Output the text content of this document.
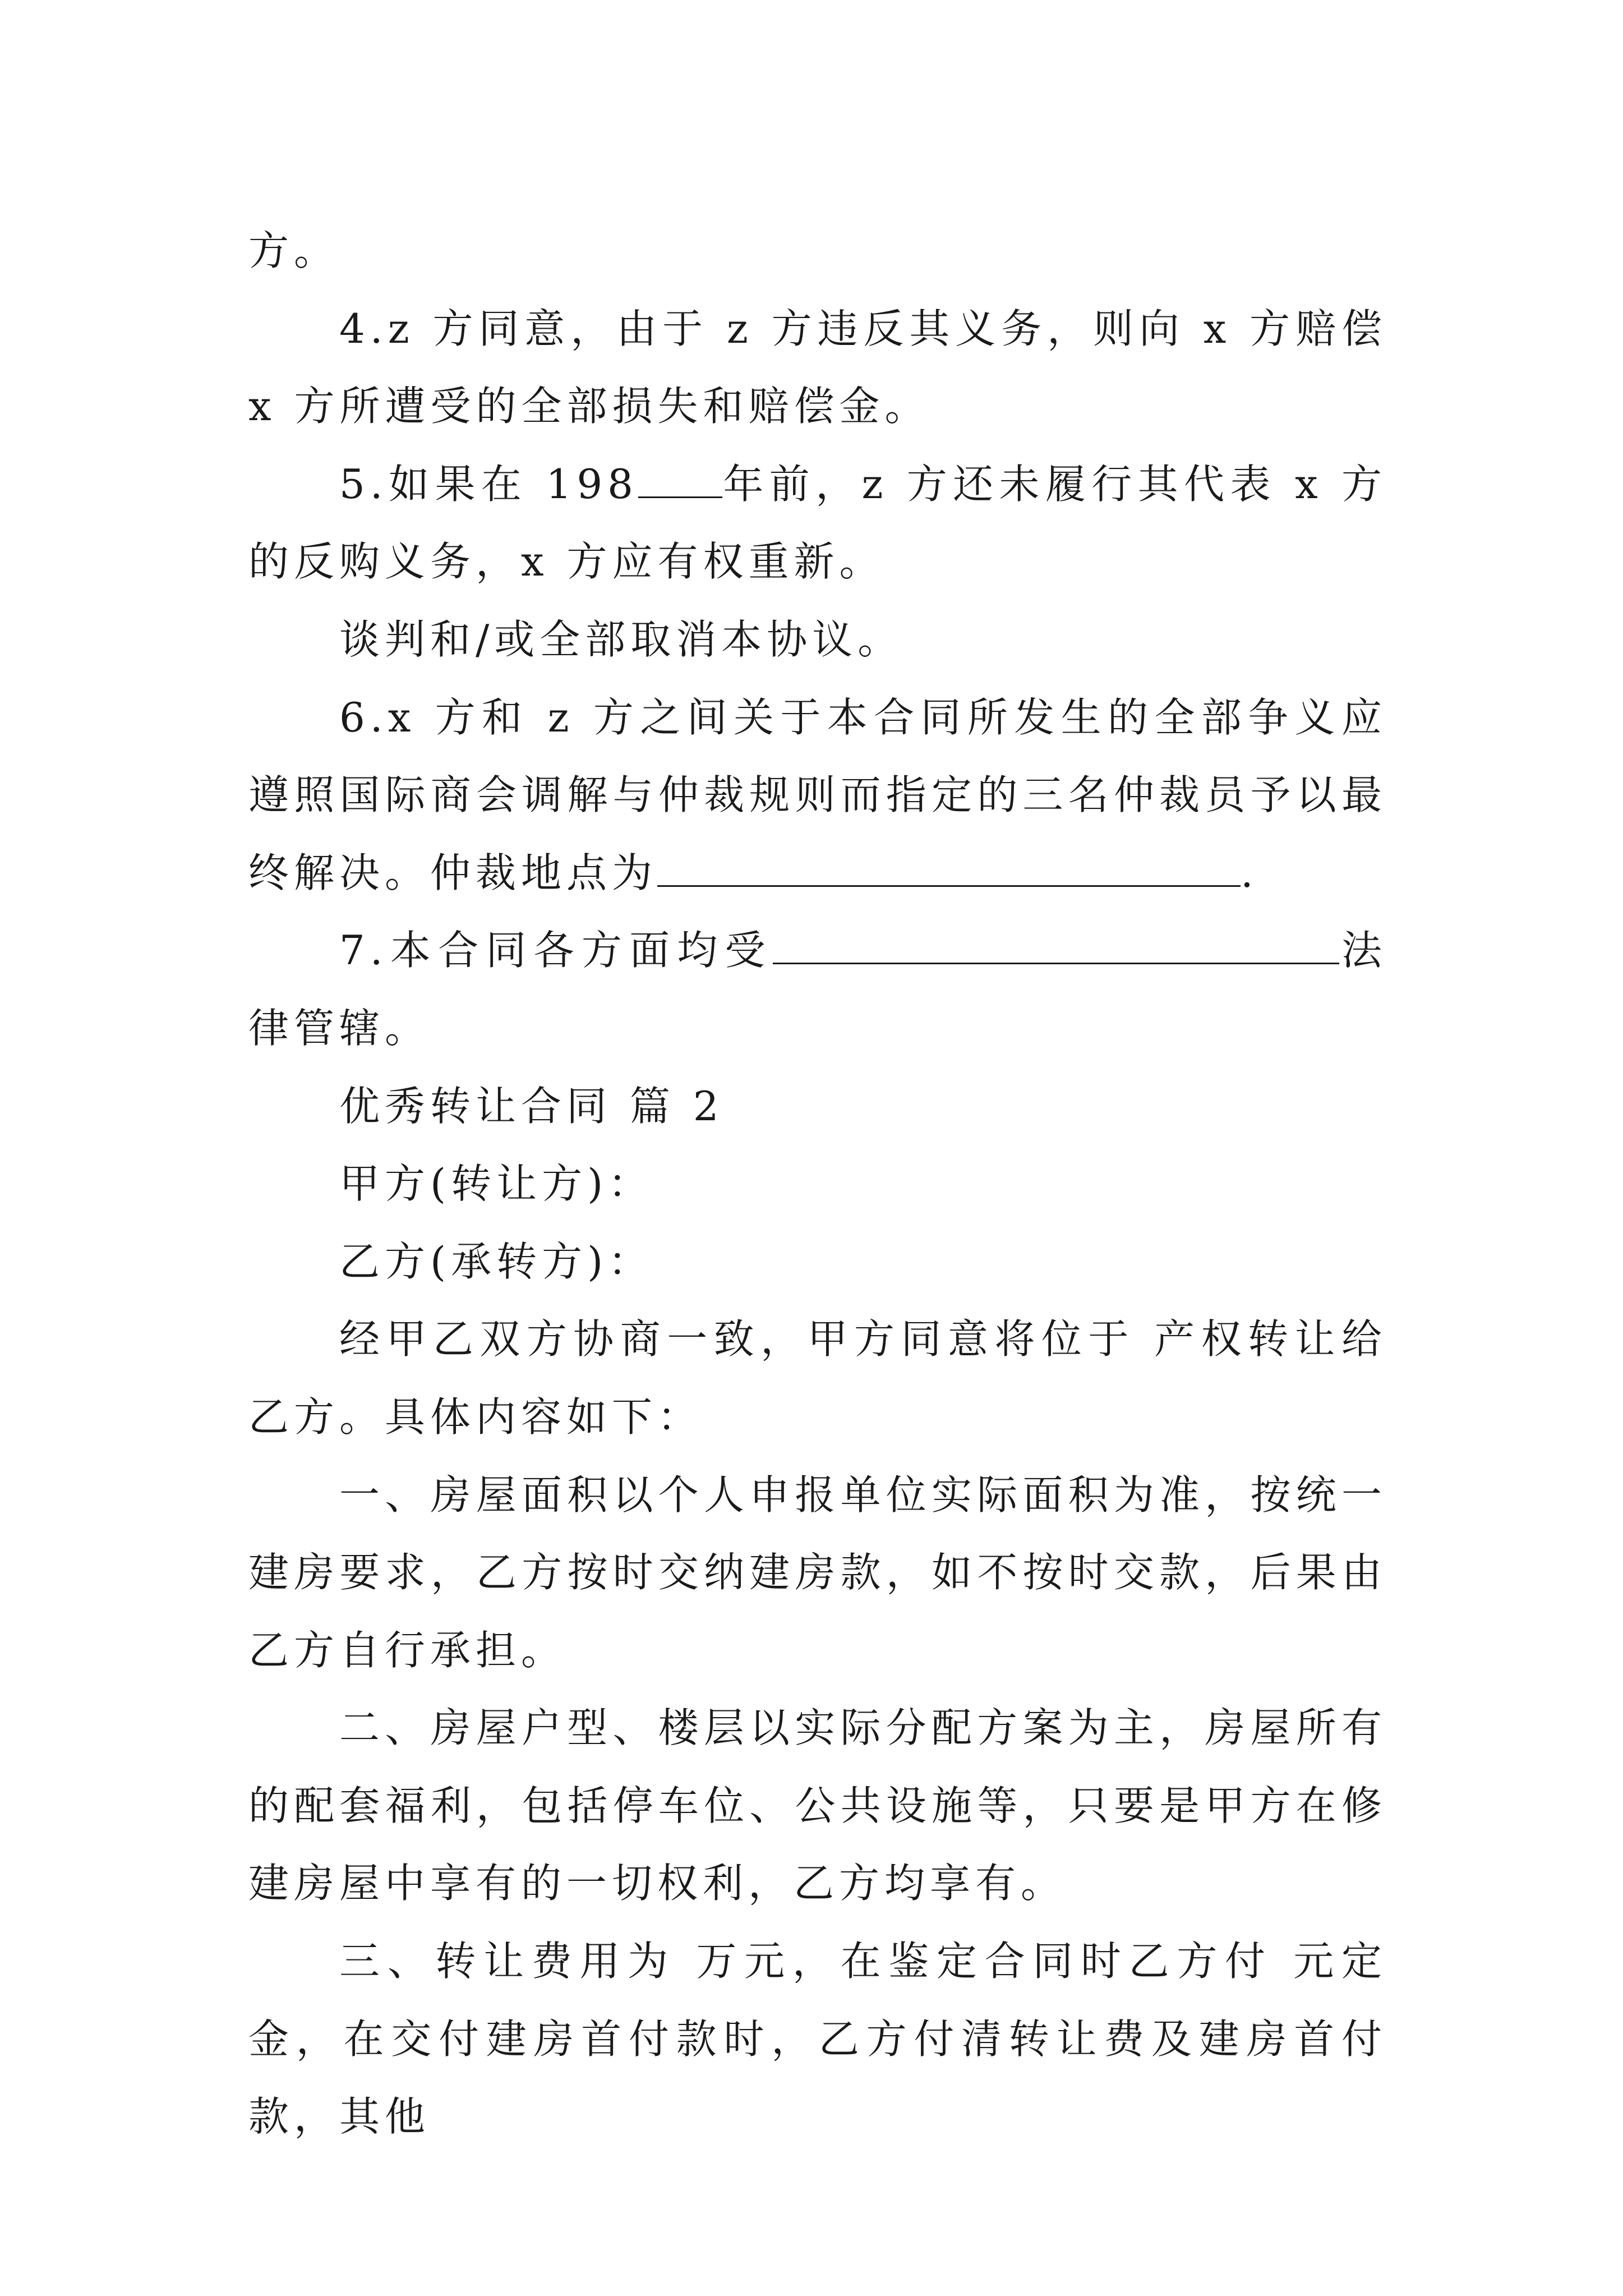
方。

4.z 方同意，由于 z 方违反其义务，则向 x 方赔偿 x 方所遭受的全部损失和赔偿金。

5.如果在 198 年前，z 方还未履行其代表 x 方的反购义务，x 方应有权重新。

谈判和/或全部取消本协议。

6.x 方和 z 方之间关于本合同所发生的全部争义应遵照国际商会调解与仲裁规则而指定的三名仲裁员予以最终解决。仲裁地点为	.

7.本合同各方面均受	法律管辖。

优秀转让合同 篇 2

甲方(转让方)：

乙方(承转方)：

经甲乙双方协商一致，甲方同意将位于 产权转让给乙方。具体内容如下：

一、房屋面积以个人申报单位实际面积为准，按统一建房要求，乙方按时交纳建房款，如不按时交款，后果由乙方自行承担。

二、房屋户型、楼层以实际分配方案为主，房屋所有的配套福利，包括停车位、公共设施等，只要是甲方在修建房屋中享有的一切权利，乙方均享有。

三、转让费用为 万元，在鉴定合同时乙方付 元定金，在交付建房首付款时，乙方付清转让费及建房首付款，其他
